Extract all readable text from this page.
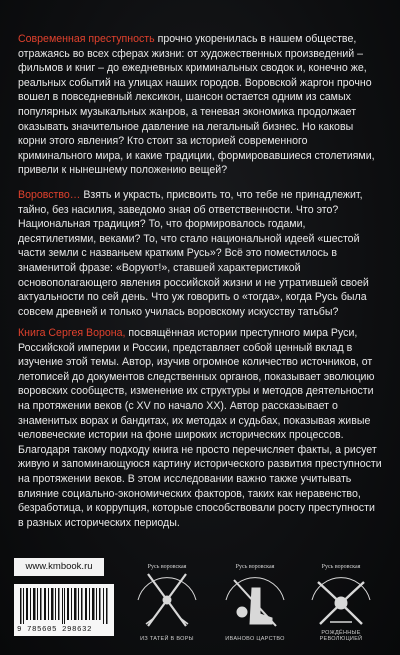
Современная преступность прочно укоренилась в нашем обществе, отражаясь во всех сферах жизни: от художественных произведений – фильмов и книг – до ежедневных криминальных сводок и, конечно же, реальных событий на улицах наших городов. Воровской жаргон прочно вошел в повседневный лексикон, шансон остается одним из самых популярных музыкальных жанров, а теневая экономика продолжает оказывать значительное давление на легальный бизнес. Но каковы корни этого явления? Кто стоит за историей современного криминального мира, и какие традиции, формировавшиеся столетиями, привели к нынешнему положению вещей?
Воровство… Взять и украсть, присвоить то, что тебе не принадлежит, тайно, без насилия, заведомо зная об ответственности. Что это? Национальная традиция? То, что формировалось годами, десятилетиями, веками? То, что стало национальной идеей «шестой части земли с названьем кратким Русь»? Всё это поместилось в знаменитой фразе: «Воруют!», ставшей характеристикой основополагающего явления российской жизни и не утратившей своей актуальности по сей день. Что уж говорить о «тогда», когда Русь была совсем древней и только училась воровскому искусству татьбы?
Книга Сергея Ворона, посвящённая истории преступного мира Руси, Российской империи и России, представляет собой ценный вклад в изучение этой темы. Автор, изучив огромное количество источников, от летописей до документов следственных органов, показывает эволюцию воровских сообществ, изменение их структуры и методов деятельности на протяжении веков (с XV по начало XX). Автор рассказывает о знаменитых ворах и бандитах, их методах и судьбах, показывая живые человеческие истории на фоне широких исторических процессов. Благодаря такому подходу книга не просто перечисляет факты, а рисует живую и запоминающуюся картину исторического развития преступности на протяжении веков. В этом исследовании важно также учитывать влияние социально-экономических факторов, таких как неравенство, безработица, и коррупция, которые способствовали росту преступности в разных исторических периоды.
www.kmbook.ru
9 785605 298632
Русь воровская
ИЗ ТАТЕЙ В ВОРЫ
Русь воровская
ИВАНОВО ЦАРСТВО
Русь воровская
РОЖДЁННЫЕ РЕВОЛЮЦИЕЙ
